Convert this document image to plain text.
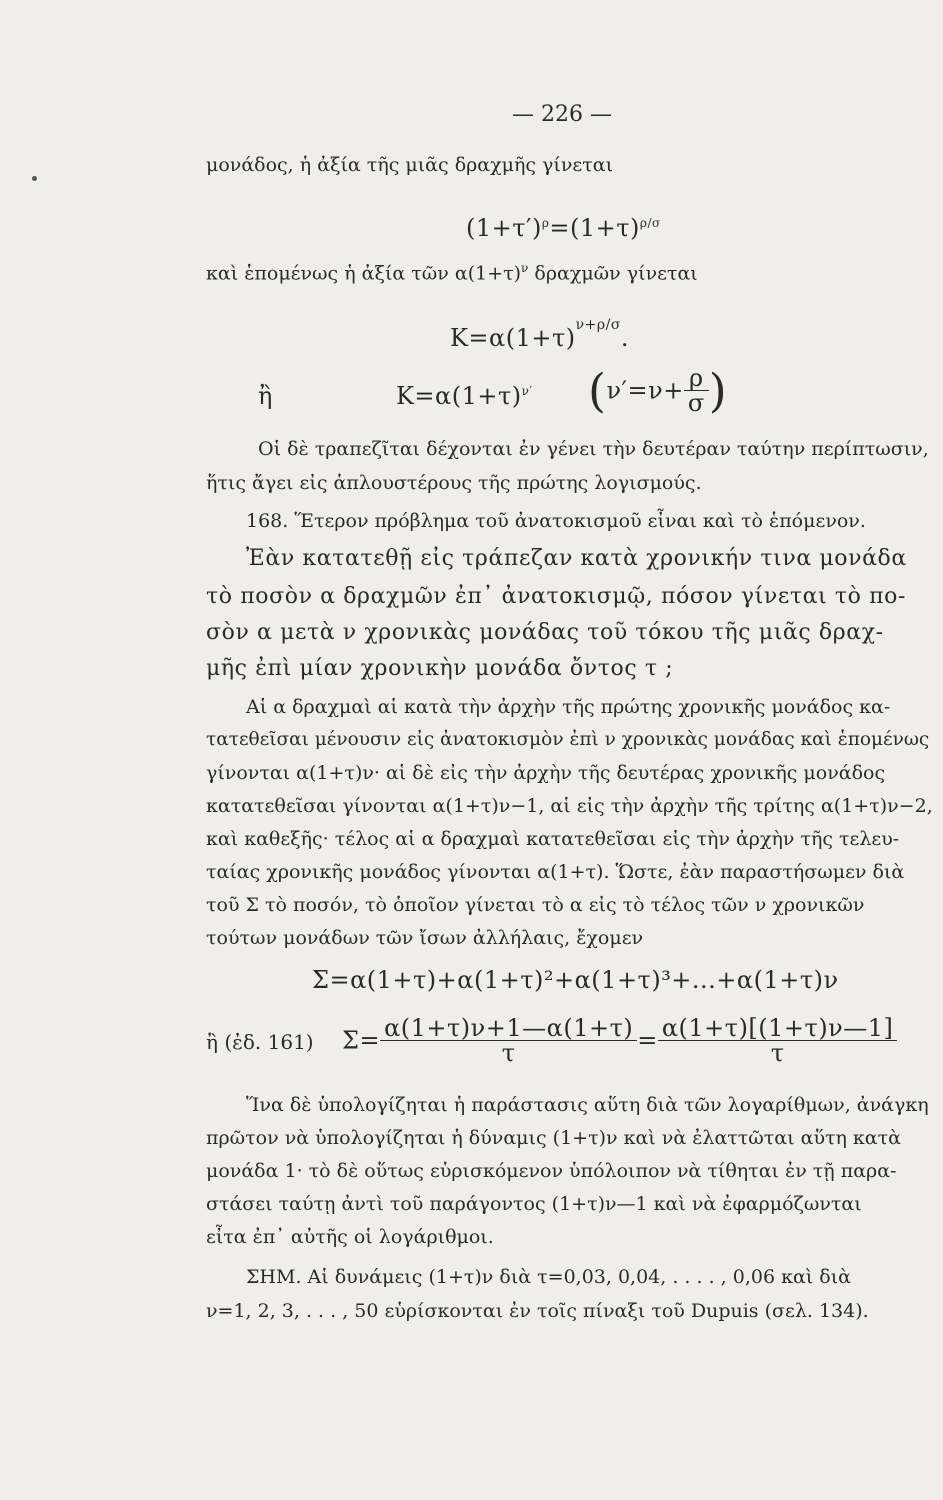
— 226 —
μονάδος, ἡ ἀξία τῆς μιᾶς δραχμῆς γίνεται
$(1+\tau')^\rho=(1+\tau)^{\rho/\sigma}$
καὶ ἑπομένως ἡ ἀξία τῶν $\alpha(1+\tau)^\nu$ δραχμῶν γίνεται
$K=\alpha(1+\tau)^{\nu+\rho/\sigma}$.
ἢ	$K=\alpha(1+\tau)^{\nu'}$ ($\nu'=\nu+ \frac{\rho}{\sigma}$ )
Οἱ δὲ τραπεζῖται δέχονται ἐν γένει τὴν δευτέραν ταύτην περίπτωσιν,
ἥτις ἄγει εἰς ἁπλουστέρους τῆς πρώτης λογισμούς.
168. Ἕτερον πρόβλημα τοῦ ἀνατοκισμοῦ εἶναι καὶ τὸ ἑπόμενον.
Ἐὰν κατατεθῇ εἰς τράπεζαν κατὰ χρονικήν τινα μονάδα
τὸ ποσὸν α δραχμῶν ἐπ᾽ ἀνατοκισμῷ, πόσον γίνεται τὸ πο-
σὸν α μετὰ ν χρονικὰς μονάδας τοῦ τόκου τῆς μιᾶς δραχ-
μῆς ἐπὶ μίαν χρονικὴν μονάδα ὄντος τ ;
Αἱ α δραχμαὶ αἱ κατὰ τὴν ἀρχὴν τῆς πρώτης χρονικῆς μονάδος κα-
τατεθεῖσαι μένουσιν εἰς ἀνατοκισμὸν ἐπὶ ν χρονικὰς μονάδας καὶ ἑπομένως
γίνονται α(1+τ)ν· αἱ δὲ εἰς τὴν ἀρχὴν τῆς δευτέρας χρονικῆς μονάδος
κατατεθεῖσαι γίνονται α(1+τ)ν−1, αἱ εἰς τὴν ἀρχὴν τῆς τρίτης α(1+τ)ν−2,
καὶ καθεξῆς· τέλος αἱ α δραχμαὶ κατατεθεῖσαι εἰς τὴν ἀρχὴν τῆς τελευ-
ταίας χρονικῆς μονάδος γίνονται α(1+τ). Ὥστε, ἐὰν παραστήσωμεν διὰ
τοῦ Σ τὸ ποσόν, τὸ ὁποῖον γίνεται τὸ α εἰς τὸ τέλος τῶν ν χρονικῶν
τούτων μονάδων τῶν ἴσων ἀλλήλαις, ἔχομεν
Σ=α(1+τ)+α(1+τ)²+α(1+τ)³+...+α(1+τ)ν
ἢ (ἐδ. 161) $\Sigma= \frac{\alpha(1+\tau)\nu+1—\alpha(1+\tau)}{\tau} = \frac{\alpha(1+\tau)[(1+\tau)\nu—1]}{\tau}$
Ἵνα δὲ ὑπολογίζηται ἡ παράστασις αὕτη διὰ τῶν λογαρίθμων, ἀνάγκη
πρῶτον νὰ ὑπολογίζηται ἡ δύναμις (1+τ)ν καὶ νὰ ἐλαττῶται αὕτη κατὰ
μονάδα 1· τὸ δὲ οὕτως εὑρισκόμενον ὑπόλοιπον νὰ τίθηται ἐν τῇ παρα-
στάσει ταύτῃ ἀντὶ τοῦ παράγοντος (1+τ)ν—1 καὶ νὰ ἐφαρμόζωνται
εἶτα ἐπ᾽ αὐτῆς οἱ λογάριθμοι.
ΣΗΜ. Αἱ δυνάμεις (1+τ)ν διὰ τ=0,03, 0,04, . . . . , 0,06 καὶ διὰ
ν=1, 2, 3, . . . , 50 εὑρίσκονται ἐν τοῖς πίναξι τοῦ Dupuis (σελ. 134).
